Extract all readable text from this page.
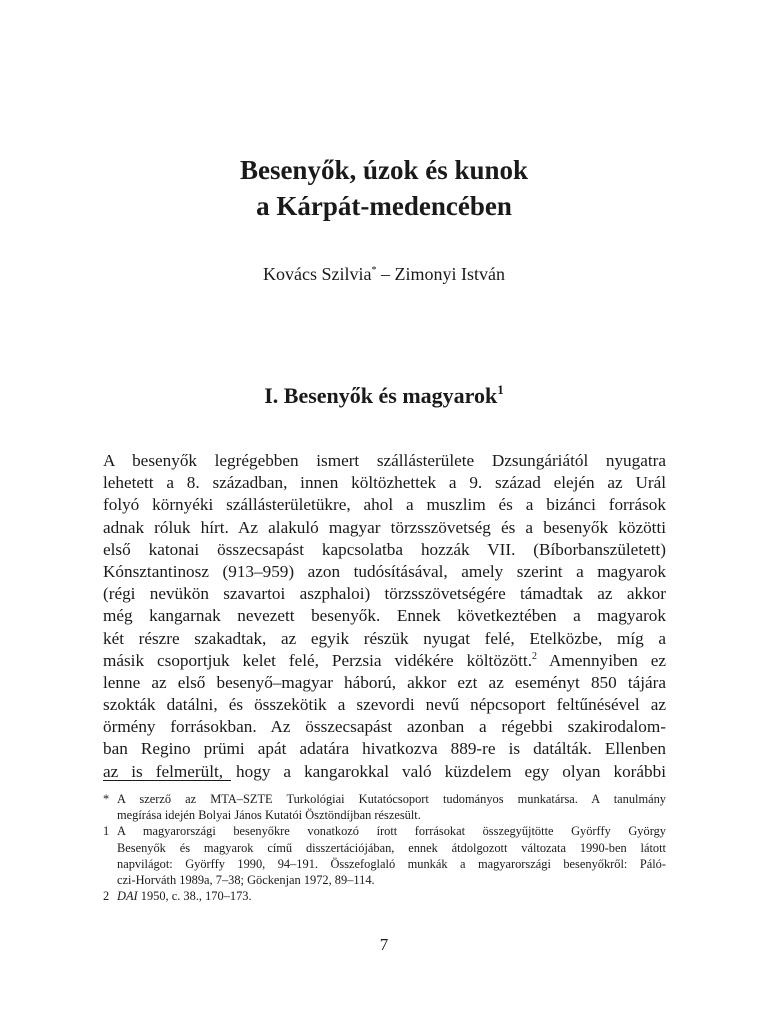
Besenyők, úzok és kunok
a Kárpát-medencében
Kovács Szilvia* – Zimonyi István
I. Besenyők és magyarok$^1$
A besenyők legrégebben ismert szállásterülete Dzsungáriától nyugatra
lehetett a 8. században, innen költözhettek a 9. század elején az Urál
folyó környéki szállásterületükre, ahol a muszlim és a bizánci források
adnak róluk hírt. Az alakuló magyar törzsszövetség és a besenyők közötti
első katonai összecsapást kapcsolatba hozzák VII. (Bíborbanszületett)
Kónsztantinosz (913–959) azon tudósításával, amely szerint a magyarok
(régi nevükön szavartoi aszphaloi) törzsszövetségére támadtak az akkor
még kangarnak nevezett besenyők. Ennek következtében a magyarok
két részre szakadtak, az egyik részük nyugat felé, Etelközbe, míg a
másik csoportjuk kelet felé, Perzsia vidékére költözött.$^2$ Amennyiben ez
lenne az első besenyő–magyar háború, akkor ezt az eseményt 850 tájára
szokták datálni, és összekötik a szevordi nevű népcsoport feltűnésével az
örmény forrásokban. Az összecsapást azonban a régebbi szakirodalom-
ban Regino prümi apát adatára hivatkozva 889-re is datálták. Ellenben
az is felmerült, hogy a kangarokkal való küzdelem egy olyan korábbi
* A szerző az MTA–SZTE Turkológiai Kutatócsoport tudományos munkatársa. A tanulmány
megírása idején Bolyai János Kutatói Ösztöndíjban részesült.
1 A magyarországi besenyőkre vonatkozó írott forrásokat összegyűjtötte Györffy György
Besenyők és magyarok című disszertációjában, ennek átdolgozott változata 1990-ben látott
napvilágot: Györffy 1990, 94–191. Összefoglaló munkák a magyarországi besenyőkről: Páló-
czi-Horváth 1989a, 7–38; Göckenjan 1972, 89–114.
2 DAI 1950, c. 38., 170–173.
7
